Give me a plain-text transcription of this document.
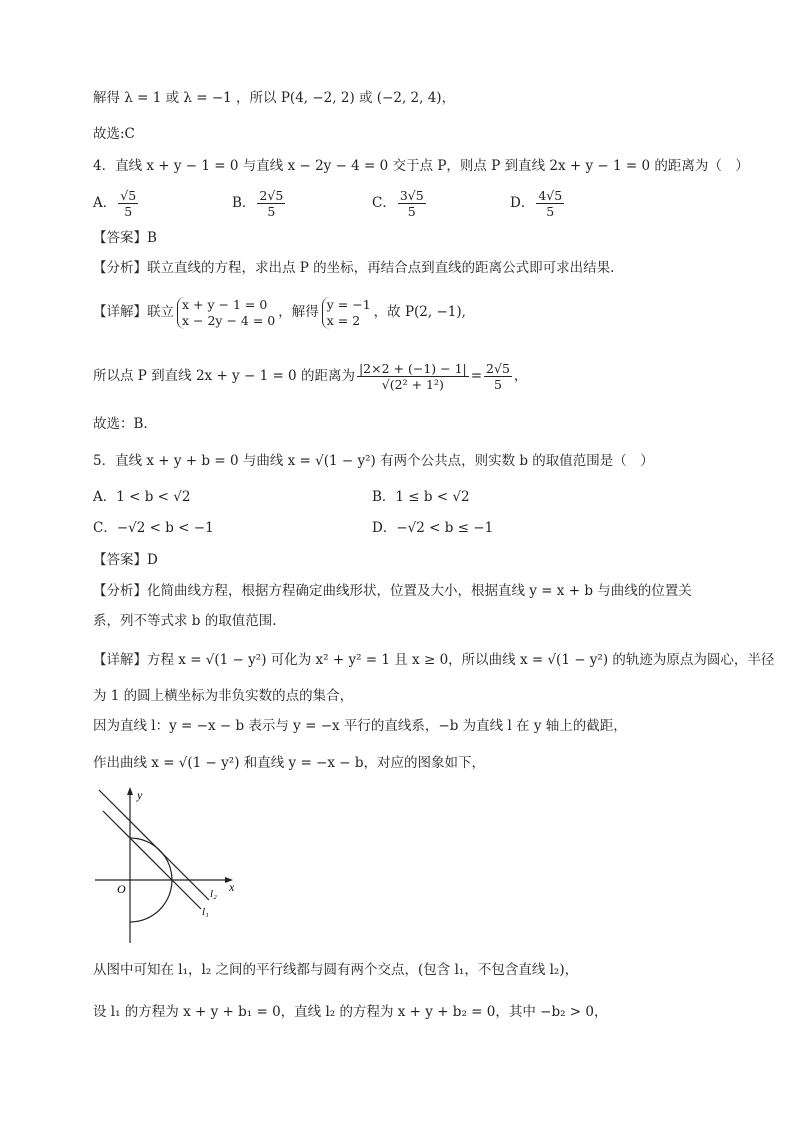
解得 λ = 1 或 λ = −1 ，所以 P(4, −2, 2) 或 (−2, 2, 4)，
故选:C
4．直线 x + y − 1 = 0 与直线 x − 2y − 4 = 0 交于点 P，则点 P 到直线 2x + y − 1 = 0 的距离为（　）
A． $\frac{√5}{5}$	B． $\frac{2√5}{5}$	C． $\frac{3√5}{5}$	D． $\frac{4√5}{5}$
【答案】B
【分析】联立直线的方程，求出点 P 的坐标，再结合点到直线的距离公式即可求出结果.
【详解】联立 x + y − 1 = 0
x − 2y − 4 = 0 ，解得 y = −1
x = 2 ，故 P(2, −1),
所以点 P 到直线 2x + y − 1 = 0 的距离为 $\frac{|2\times 2 + (-1) - 1|}{\text{√(2² + 1²)}} = \frac{2√5}{5}$ ，
故选：B.
5．直线 x + y + b = 0 与曲线 x = √(1 − y²) 有两个公共点，则实数 b 的取值范围是（　）
A．1 < b < √2	B．1 ≤ b < √2
C．−√2 < b < −1	D．−√2 < b ≤ −1
【答案】D
【分析】化简曲线方程，根据方程确定曲线形状，位置及大小，根据直线 y = x + b 与曲线的位置关
系，列不等式求 b 的取值范围.
【详解】方程 x = √(1 − y²) 可化为 x² + y² = 1 且 x ≥ 0，所以曲线 x = √(1 − y²) 的轨迹为原点为圆心，半径
为 1 的圆上横坐标为非负实数的点的集合，
因为直线 l：y = −x − b 表示与 y = −x 平行的直线系，−b 为直线 l 在 y 轴上的截距，
作出曲线 x = √(1 − y²) 和直线 y = −x − b，对应的图象如下，
y
x
O	l₂
l₁
从图中可知在 l₁，l₂ 之间的平行线都与圆有两个交点，(包含 l₁，不包含直线 l₂)，
设 l₁ 的方程为 x + y + b₁ = 0，直线 l₂ 的方程为 x + y + b₂ = 0，其中 −b₂ > 0，
